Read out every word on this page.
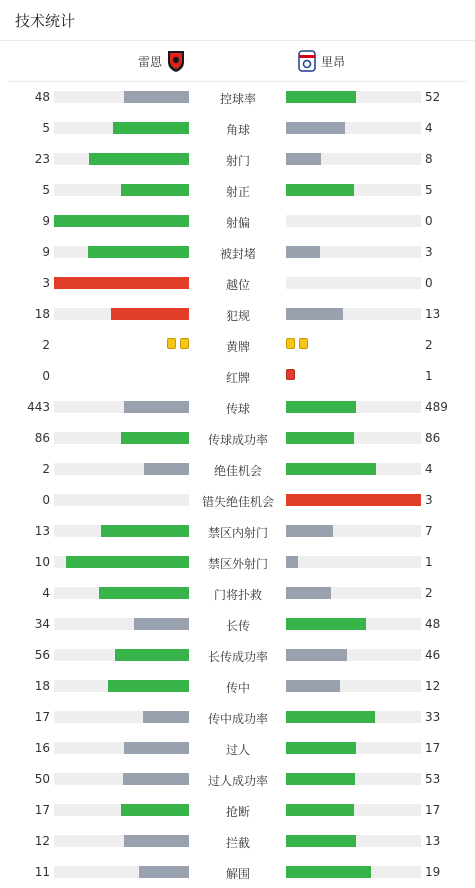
技术统计
雷恩	里昂
48	控球率	52
5	角球	4
23	射门	8
5	射正	5
9	射偏	0
9	被封堵	3
3	越位	0
18	犯规	13
2	黄牌	2
0	红牌	1
443	传球	489
86	传球成功率	86
2	绝佳机会	4
0	错失绝佳机会	3
13	禁区内射门	7
10	禁区外射门	1
4	门将扑救	2
34	长传	48
56	长传成功率	46
18	传中	12
17	传中成功率	33
16	过人	17
50	过人成功率	53
17	抢断	17
12	拦截	13
11	解围	19
